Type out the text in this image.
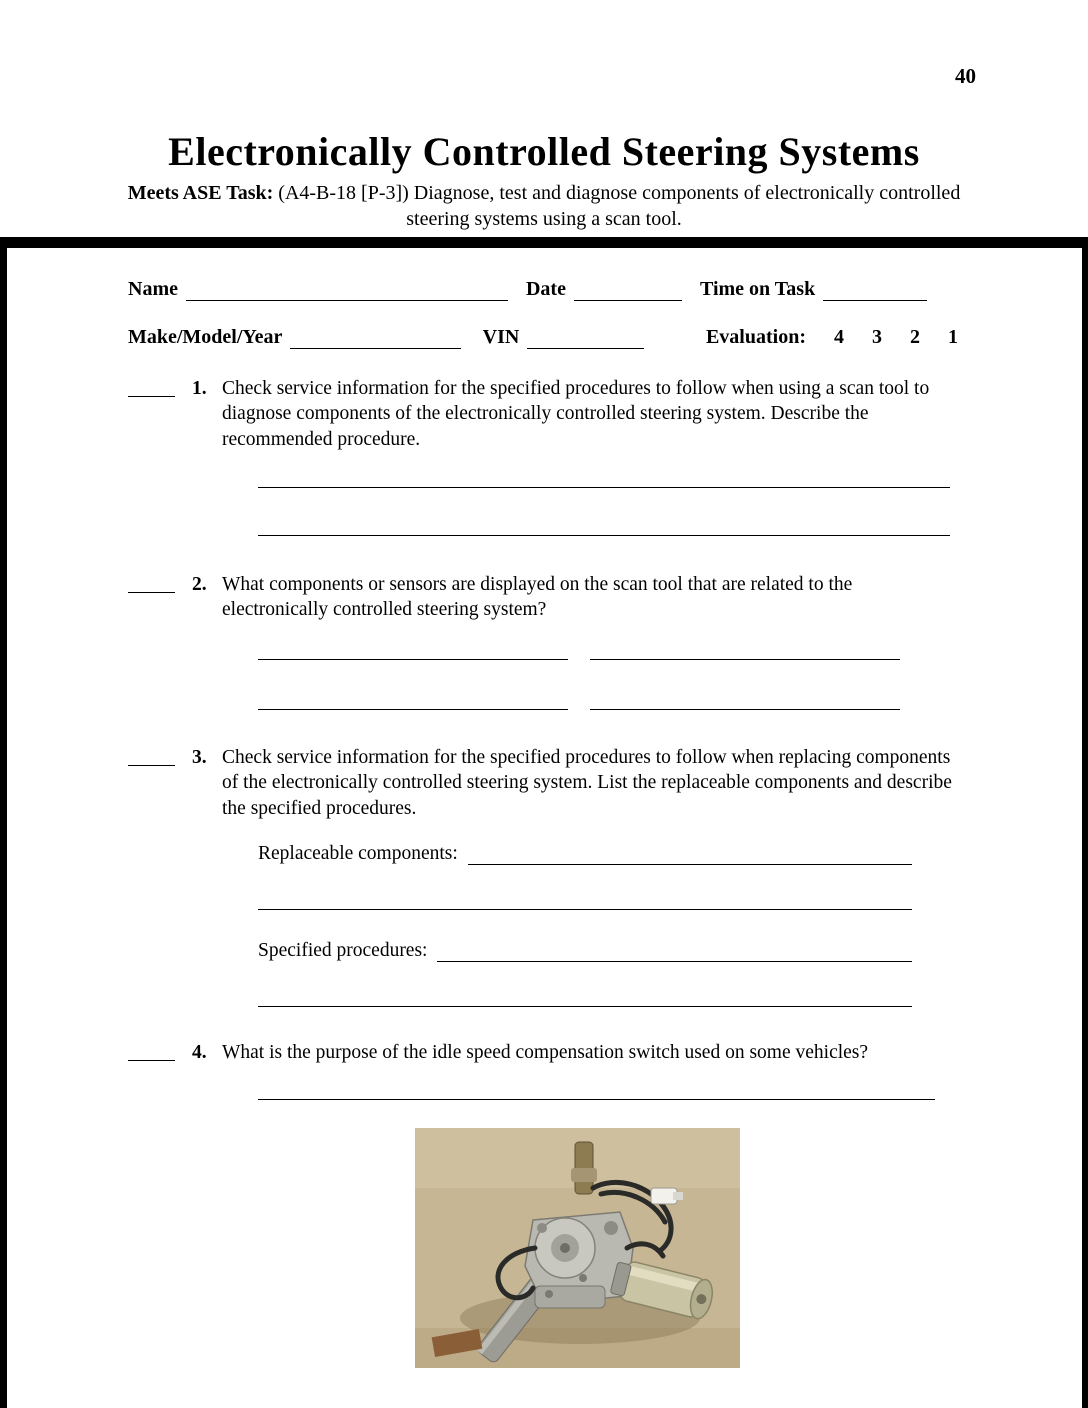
40
Electronically Controlled Steering Systems
Meets ASE Task: (A4-B-18 [P-3]) Diagnose, test and diagnose components of electronically controlled steering systems using a scan tool.
Name	Date	Time on Task
Make/Model/Year	VIN	Evaluation: 4 3 2 1
1. Check service information for the specified procedures to follow when using a scan tool to diagnose components of the electronically controlled steering system. Describe the recommended procedure.
2. What components or sensors are displayed on the scan tool that are related to the electronically controlled steering system?
3. Check service information for the specified procedures to follow when replacing components of the electronically controlled steering system. List the replaceable components and describe the specified procedures.
Replaceable components:
Specified procedures:
4. What is the purpose of the idle speed compensation switch used on some vehicles?
